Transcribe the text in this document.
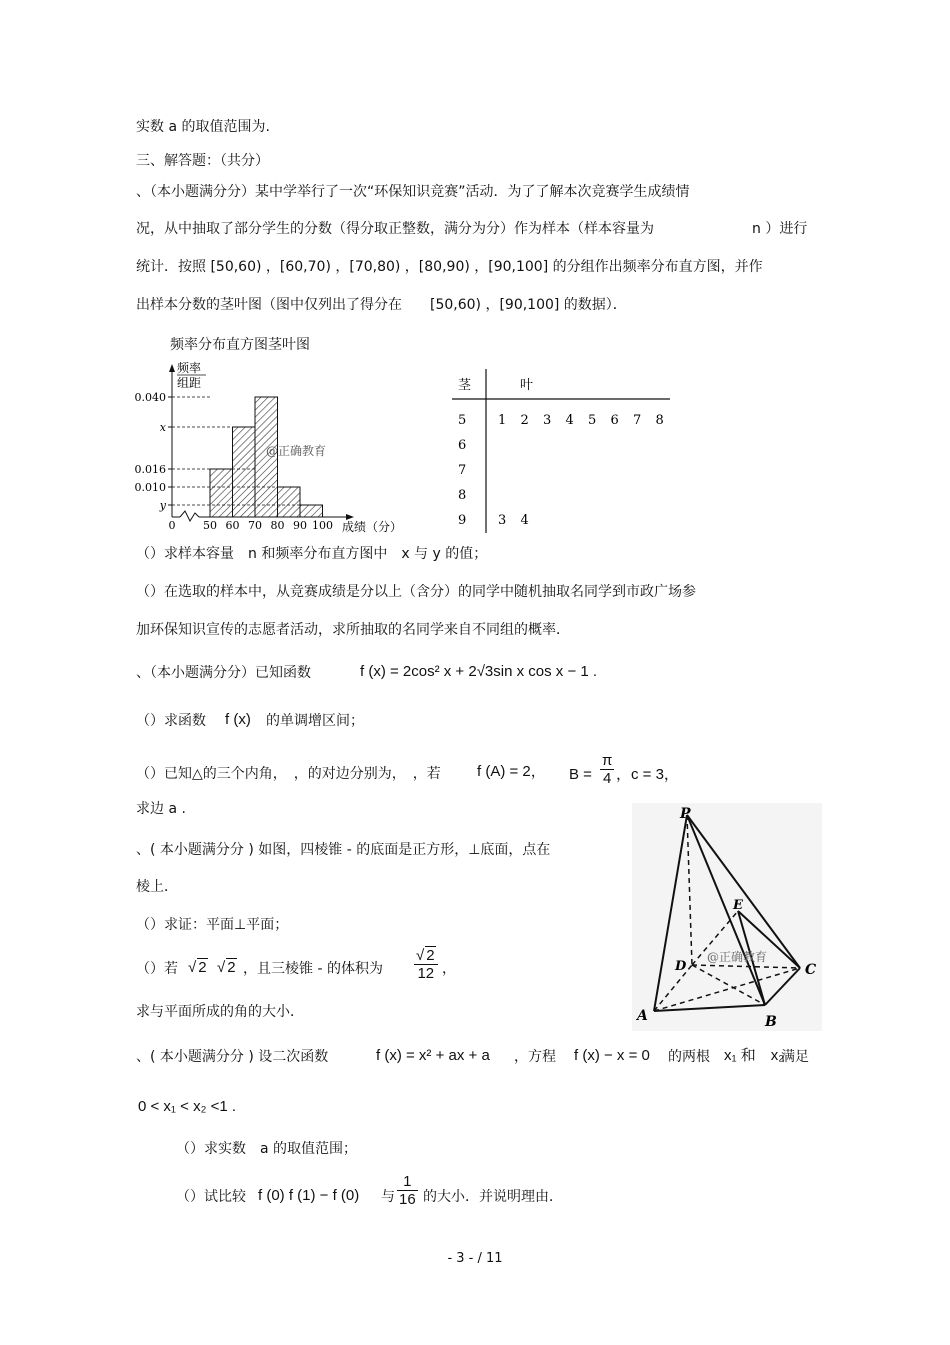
实数 a 的取值范围为.
三、解答题：（共分）
、（本小题满分分）某中学举行了一次“环保知识竞赛”活动．为了了解本次竞赛学生成绩情
况，从中抽取了部分学生的分数（得分取正整数，满分为分）作为样本（样本容量为	n ）进行
统计．按照 [50,60) ，[60,70) ，[70,80) ，[80,90) ，[90,100] 的分组作出频率分布直方图，并作
出样本分数的茎叶图（图中仅列出了得分在　　[50,60) ，[90,100] 的数据）．
频率分布直方图茎叶图
频率
组距
0.040
x
0.016
0.010
y
0	50 60 70 80 90 100 成绩（分）
@正确教育
茎	叶
5 1 2 3 4 5 6 7 8
6
7
8
9 3 4
（）求样本容量　n 和频率分布直方图中　x 与 y 的值；
（）在选取的样本中，从竞赛成绩是分以上（含分）的同学中随机抽取名同学到市政广场参
加环保知识宣传的志愿者活动，求所抽取的名同学来自不同组的概率．
、（本小题满分分）已知函数	f (x) = 2cos² x + 2√3sin x cos x − 1 .
（）求函数 f (x) 的单调增区间；
（）已知△的三个内角，　，的对边分别为，　，若 f (A) = 2， $B = \frac{\pi}{4}$ ，c = 3，
求边 a .
、( 本小题满分分 ) 如图，四棱锥 - 的底面是正方形，⊥底面，点在
棱上．
（）求证：平面⊥平面；
（）若 √ 2 √ 2 ，且三棱锥 - 的体积为 $\frac{√ 2}{12}$ ，
求与平面所成的角的大小．
@正确教育
P
E
D	C
A	B
、( 本小题满分分 ) 设二次函数	f (x) = x² + ax + a ，方程 f (x) − x = 0 的两根 x₁ 和　x₂
满足
0 < x₁ < x₂ <1 .
（）求实数　a 的取值范围；
（）试比较 f (0) f (1) − f (0) 与 $\frac{1}{16}$ 的大小．并说明理由．
- 3 - / 11
